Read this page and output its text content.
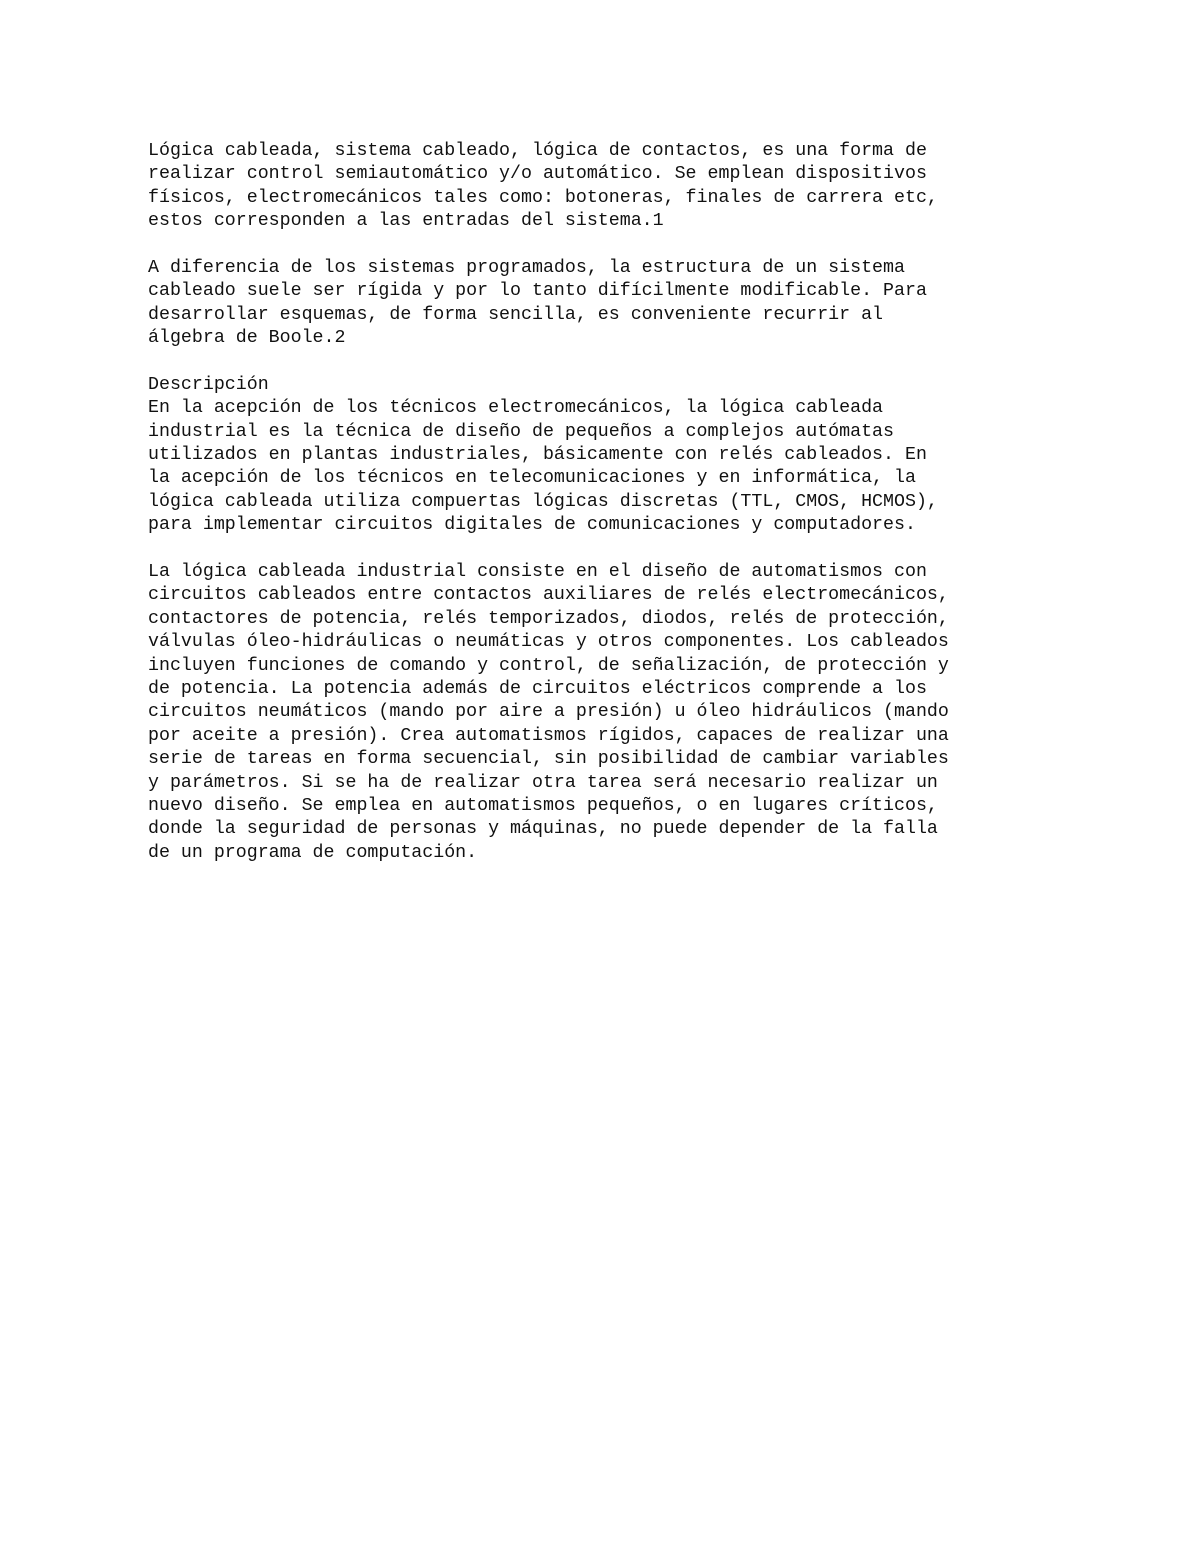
Lógica cableada, sistema cableado, lógica de contactos, es una forma de
realizar control semiautomático y/o automático. Se emplean dispositivos
físicos, electromecánicos tales como: botoneras, finales de carrera etc,
estos corresponden a las entradas del sistema.1
A diferencia de los sistemas programados, la estructura de un sistema
cableado suele ser rígida y por lo tanto difícilmente modificable. Para
desarrollar esquemas, de forma sencilla, es conveniente recurrir al
álgebra de Boole.2
Descripción
En la acepción de los técnicos electromecánicos, la lógica cableada
industrial es la técnica de diseño de pequeños a complejos autómatas
utilizados en plantas industriales, básicamente con relés cableados. En
la acepción de los técnicos en telecomunicaciones y en informática, la
lógica cableada utiliza compuertas lógicas discretas (TTL, CMOS, HCMOS),
para implementar circuitos digitales de comunicaciones y computadores.
La lógica cableada industrial consiste en el diseño de automatismos con
circuitos cableados entre contactos auxiliares de relés electromecánicos,
contactores de potencia, relés temporizados, diodos, relés de protección,
válvulas óleo-hidráulicas o neumáticas y otros componentes. Los cableados
incluyen funciones de comando y control, de señalización, de protección y
de potencia. La potencia además de circuitos eléctricos comprende a los
circuitos neumáticos (mando por aire a presión) u óleo hidráulicos (mando
por aceite a presión). Crea automatismos rígidos, capaces de realizar una
serie de tareas en forma secuencial, sin posibilidad de cambiar variables
y parámetros. Si se ha de realizar otra tarea será necesario realizar un
nuevo diseño. Se emplea en automatismos pequeños, o en lugares críticos,
donde la seguridad de personas y máquinas, no puede depender de la falla
de un programa de computación.
